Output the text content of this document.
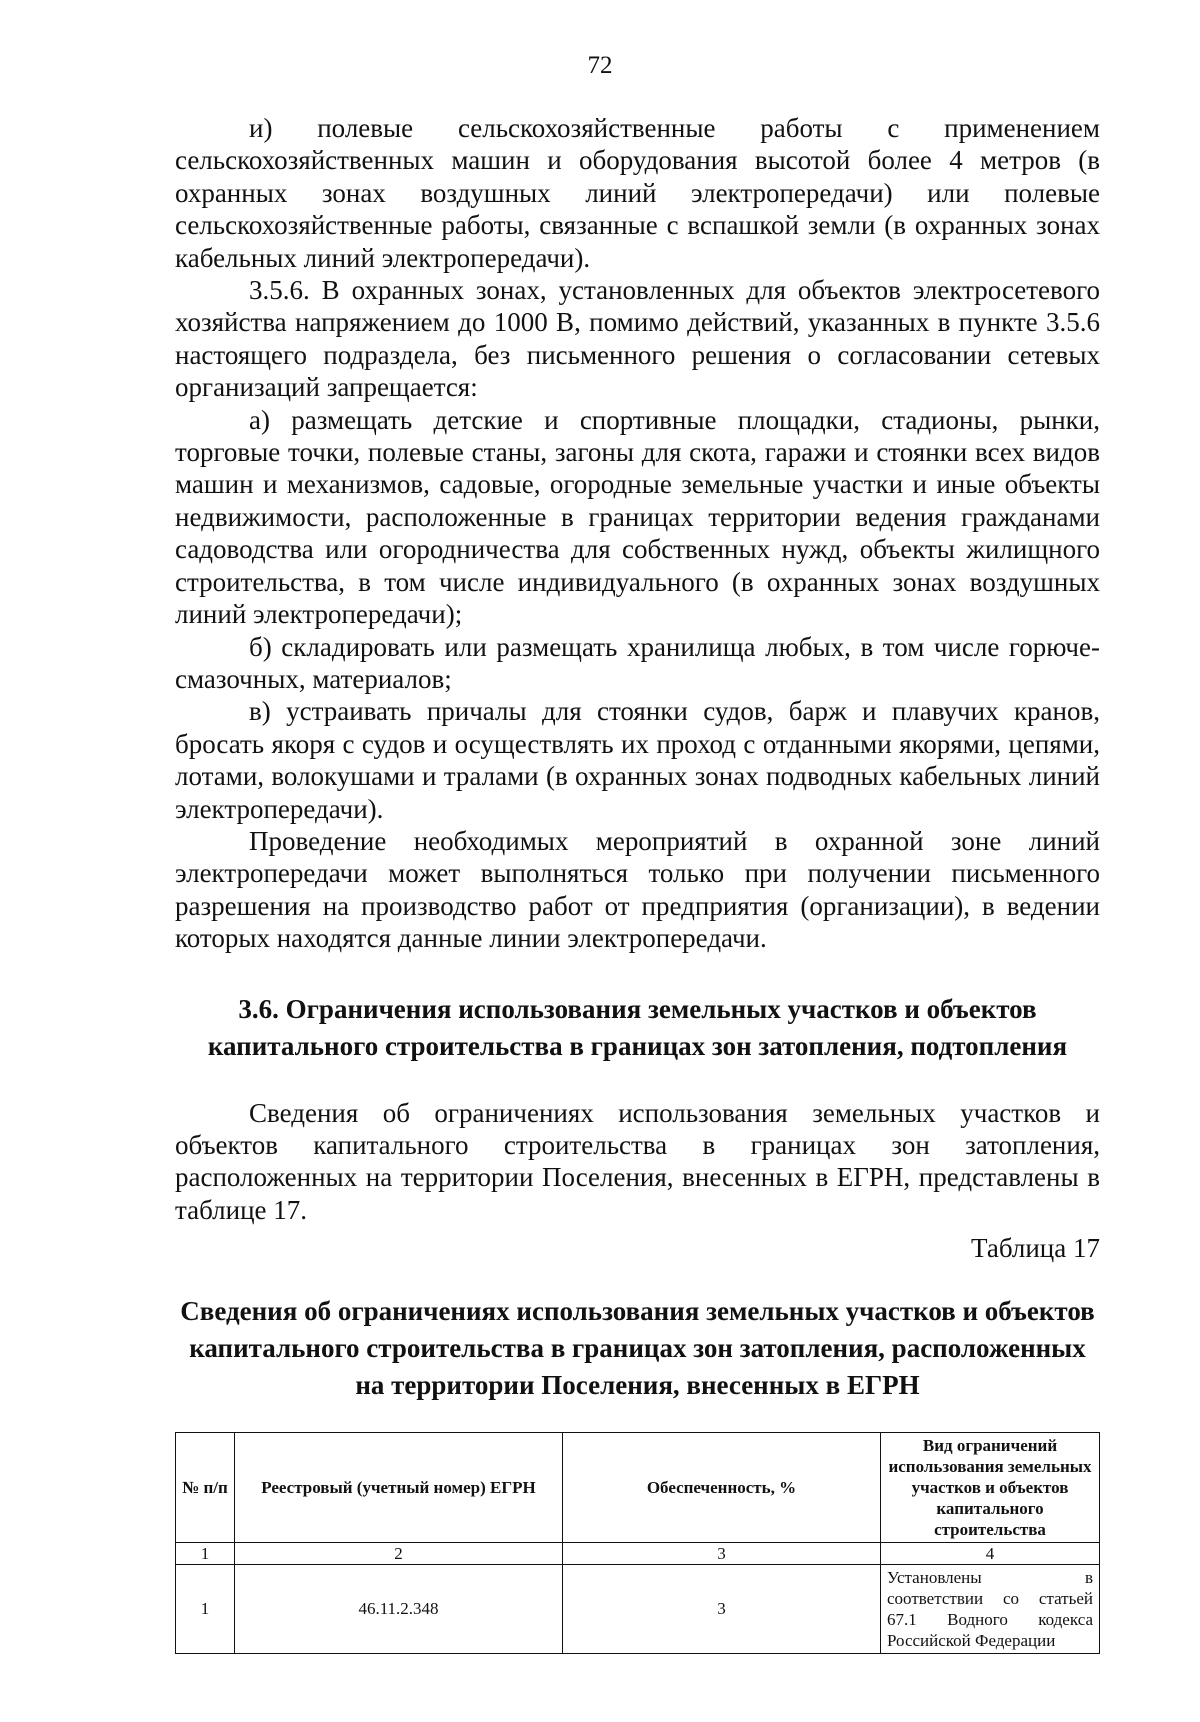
72

и) полевые сельскохозяйственные работы с применением сельскохозяйственных машин и оборудования высотой более 4 метров (в охранных зонах воздушных линий электропередачи) или полевые сельскохозяйственные работы, связанные с вспашкой земли (в охранных зонах кабельных линий электропередачи).

3.5.6. В охранных зонах, установленных для объектов электросетевого хозяйства напряжением до 1000 В, помимо действий, указанных в пункте 3.5.6 настоящего подраздела, без письменного решения о согласовании сетевых организаций запрещается:

а) размещать детские и спортивные площадки, стадионы, рынки, торговые точки, полевые станы, загоны для скота, гаражи и стоянки всех видов машин и механизмов, садовые, огородные земельные участки и иные объекты недвижимости, расположенные в границах территории ведения гражданами садоводства или огородничества для собственных нужд, объекты жилищного строительства, в том числе индивидуального (в охранных зонах воздушных линий электропередачи);

б) складировать или размещать хранилища любых, в том числе горюче-смазочных, материалов;

в) устраивать причалы для стоянки судов, барж и плавучих кранов, бросать якоря с судов и осуществлять их проход с отданными якорями, цепями, лотами, волокушами и тралами (в охранных зонах подводных кабельных линий электропередачи).

Проведение необходимых мероприятий в охранной зоне линий электропередачи может выполняться только при получении письменного разрешения на производство работ от предприятия (организации), в ведении которых находятся данные линии электропередачи.

3.6. Ограничения использования земельных участков и объектов капитального строительства в границах зон затопления, подтопления

Сведения об ограничениях использования земельных участков и объектов капитального строительства в границах зон затопления, расположенных на территории Поселения, внесенных в ЕГРН, представлены в таблице 17.

Таблица 17

Сведения об ограничениях использования земельных участков и объектов капитального строительства в границах зон затопления, расположенных на территории Поселения, внесенных в ЕГРН

№ п/п	Реестровый (учетный номер) ЕГРН	Обеспеченность, %	Вид ограничений использования земельных участков и объектов капитального строительства
1	2	3	4
1	46.11.2.348	3	Установлены в соответствии со статьей 67.1 Водного кодекса Российской Федерации
